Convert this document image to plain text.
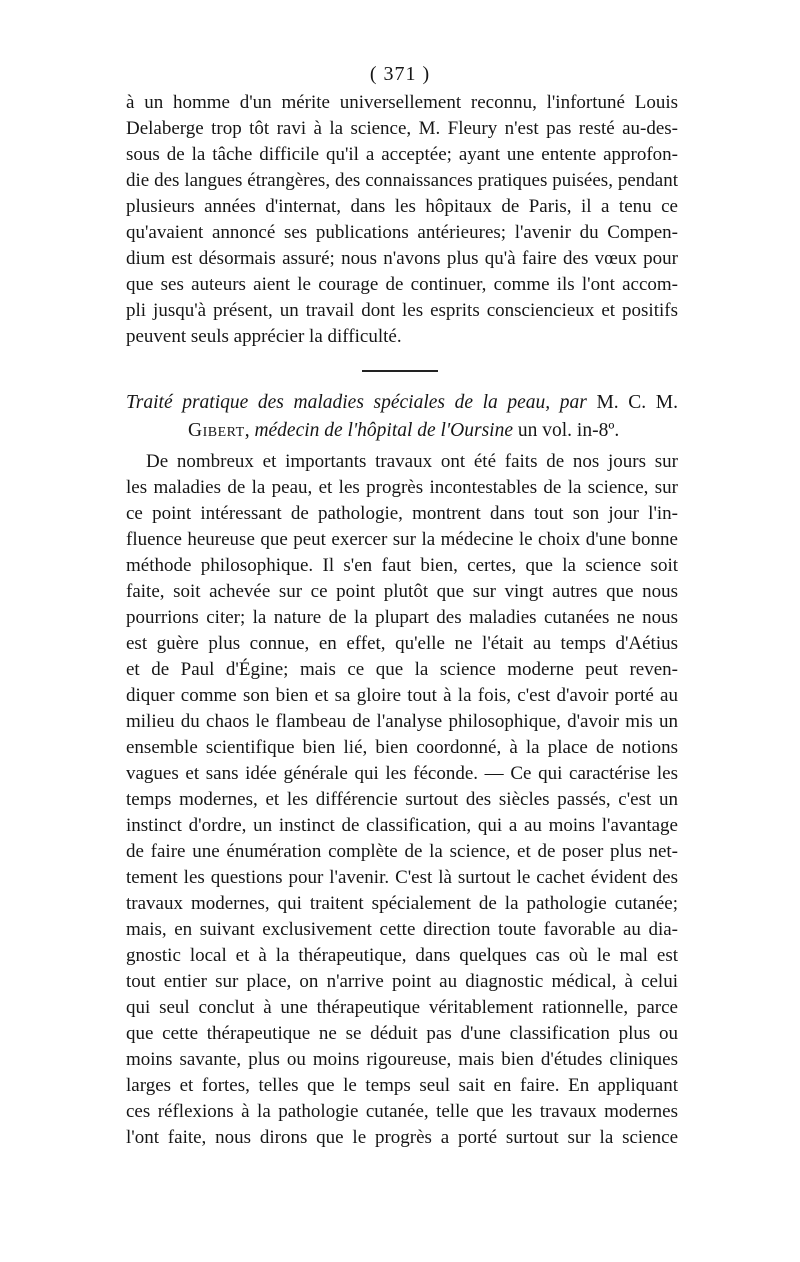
( 371 )
à un homme d'un mérite universellement reconnu, l'infortuné Louis
Delaberge trop tôt ravi à la science, M. Fleury n'est pas resté au-des-
sous de la tâche difficile qu'il a acceptée; ayant une entente approfon-
die des langues étrangères, des connaissances pratiques puisées, pendant
plusieurs années d'internat, dans les hôpitaux de Paris, il a tenu ce
qu'avaient annoncé ses publications antérieures; l'avenir du Compen-
dium est désormais assuré; nous n'avons plus qu'à faire des vœux pour
que ses auteurs aient le courage de continuer, comme ils l'ont accom-
pli jusqu'à présent, un travail dont les esprits consciencieux et positifs
peuvent seuls apprécier la difficulté.
Traité pratique des maladies spéciales de la peau, par M. C. M.
Gibert, médecin de l'hôpital de l'Oursine un vol. in-8º.
De nombreux et importants travaux ont été faits de nos jours sur
les maladies de la peau, et les progrès incontestables de la science, sur
ce point intéressant de pathologie, montrent dans tout son jour l'in-
fluence heureuse que peut exercer sur la médecine le choix d'une bonne
méthode philosophique. Il s'en faut bien, certes, que la science soit
faite, soit achevée sur ce point plutôt que sur vingt autres que nous
pourrions citer; la nature de la plupart des maladies cutanées ne nous
est guère plus connue, en effet, qu'elle ne l'était au temps d'Aétius
et de Paul d'Égine; mais ce que la science moderne peut reven-
diquer comme son bien et sa gloire tout à la fois, c'est d'avoir porté au
milieu du chaos le flambeau de l'analyse philosophique, d'avoir mis un
ensemble scientifique bien lié, bien coordonné, à la place de notions
vagues et sans idée générale qui les féconde. — Ce qui caractérise les
temps modernes, et les différencie surtout des siècles passés, c'est un
instinct d'ordre, un instinct de classification, qui a au moins l'avantage
de faire une énumération complète de la science, et de poser plus net-
tement les questions pour l'avenir. C'est là surtout le cachet évident des
travaux modernes, qui traitent spécialement de la pathologie cutanée;
mais, en suivant exclusivement cette direction toute favorable au dia-
gnostic local et à la thérapeutique, dans quelques cas où le mal est
tout entier sur place, on n'arrive point au diagnostic médical, à celui
qui seul conclut à une thérapeutique véritablement rationnelle, parce
que cette thérapeutique ne se déduit pas d'une classification plus ou
moins savante, plus ou moins rigoureuse, mais bien d'études cliniques
larges et fortes, telles que le temps seul sait en faire. En appliquant
ces réflexions à la pathologie cutanée, telle que les travaux modernes
l'ont faite, nous dirons que le progrès a porté surtout sur la science
